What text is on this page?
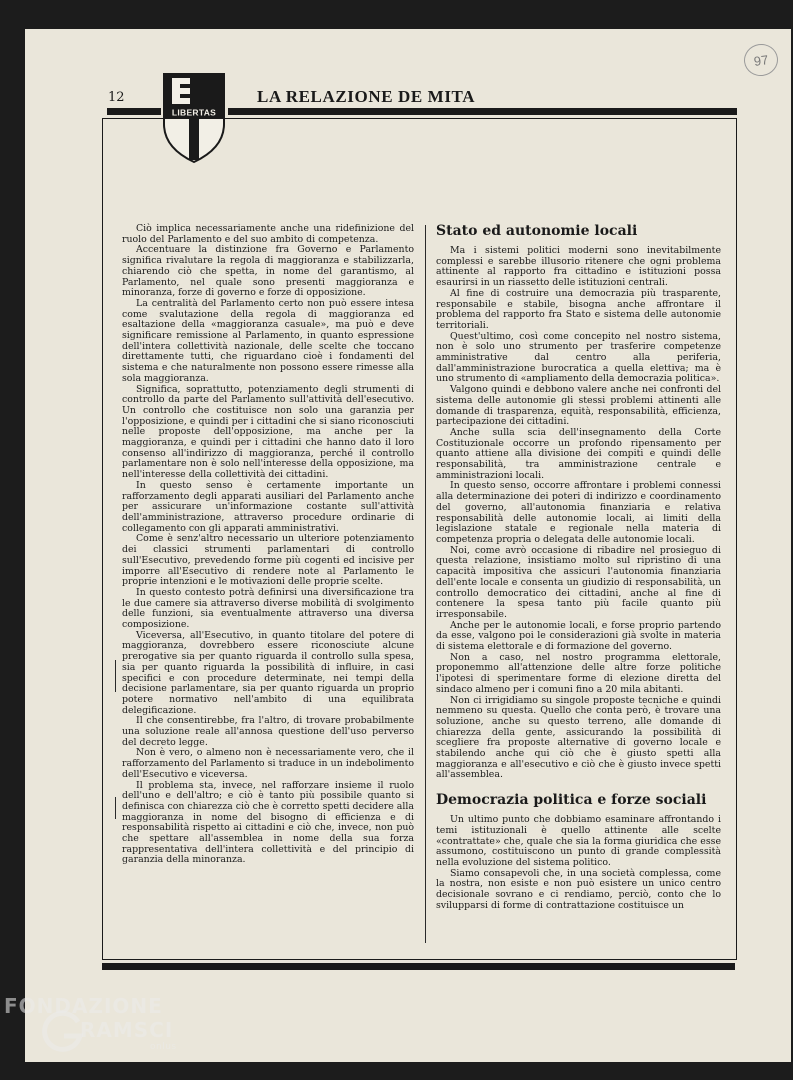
97
12
LIBERTAS
LA RELAZIONE DE MITA

Ciò implica necessariamente anche una ridefinizione del ruolo del Parlamento e del suo ambito di competenza.

Accentuare la distinzione fra Governo e Parlamento significa rivalutare la regola di maggioranza e stabilizzarla, chiarendo ciò che spetta, in nome del garantismo, al Parlamento, nel quale sono presenti maggioranza e minoranza, forze di governo e forze di opposizione.

La centralità del Parlamento certo non può essere intesa come svalutazione della regola di maggioranza ed esaltazione della «maggioranza casuale», ma può e deve significare remissione al Parlamento, in quanto espressione dell'intera collettività nazionale, delle scelte che toccano direttamente tutti, che riguardano cioè i fondamenti del sistema e che naturalmente non possono essere rimesse alla sola maggioranza.

Significa, soprattutto, potenziamento degli strumenti di controllo da parte del Parlamento sull'attività dell'esecutivo. Un controllo che costituisce non solo una garanzia per l'opposizione, e quindi per i cittadini che si siano riconosciuti nelle proposte dell'opposizione, ma anche per la maggioranza, e quindi per i cittadini che hanno dato il loro consenso all'indirizzo di maggioranza, perché il controllo parlamentare non è solo nell'interesse della opposizione, ma nell'interesse della collettività dei cittadini.

In questo senso è certamente importante un rafforzamento degli apparati ausiliari del Parlamento anche per assicurare un'informazione costante sull'attività dell'amministrazione, attraverso procedure ordinarie di collegamento con gli apparati amministrativi.

Come è senz'altro necessario un ulteriore potenziamento dei classici strumenti parlamentari di controllo sull'Esecutivo, prevedendo forme più cogenti ed incisive per imporre all'Esecutivo di rendere note al Parlamento le proprie intenzioni e le motivazioni delle proprie scelte.

In questo contesto potrà definirsi una diversificazione tra le due camere sia attraverso diverse mobilità di svolgimento delle funzioni, sia eventualmente attraverso una diversa composizione.

Viceversa, all'Esecutivo, in quanto titolare del potere di maggioranza, dovrebbero essere riconosciute alcune prerogative sia per quanto riguarda il controllo sulla spesa, sia per quanto riguarda la possibilità di influire, in casi specifici e con procedure determinate, nei tempi della decisione parlamentare, sia per quanto riguarda un proprio potere normativo nell'ambito di una equilibrata delegificazione.

Il che consentirebbe, fra l'altro, di trovare probabilmente una soluzione reale all'annosa questione dell'uso perverso del decreto legge.

Non è vero, o almeno non è necessariamente vero, che il rafforzamento del Parlamento si traduce in un indebolimento dell'Esecutivo e viceversa.

Il problema sta, invece, nel rafforzare insieme il ruolo dell'uno e dell'altro; e ciò è tanto più possibile quanto si definisca con chiarezza ciò che è corretto spetti decidere alla maggioranza in nome del bisogno di efficienza e di responsabilità rispetto ai cittadini e ciò che, invece, non può che spettare all'assemblea in nome della sua forza rappresentativa dell'intera collettività e del principio di garanzia della minoranza.

Stato ed autonomie locali

Ma i sistemi politici moderni sono inevitabilmente complessi e sarebbe illusorio ritenere che ogni problema attinente al rapporto fra cittadino e istituzioni possa esaurirsi in un riassetto delle istituzioni centrali.

Al fine di costruire una democrazia più trasparente, responsabile e stabile, bisogna anche affrontare il problema del rapporto fra Stato e sistema delle autonomie territoriali.

Quest'ultimo, così come concepito nel nostro sistema, non è solo uno strumento per trasferire competenze amministrative dal centro alla periferia, dall'amministrazione burocratica a quella elettiva; ma è uno strumento di «ampliamento della democrazia politica».

Valgono quindi e debbono valere anche nei confronti del sistema delle autonomie gli stessi problemi attinenti alle domande di trasparenza, equità, responsabilità, efficienza, partecipazione dei cittadini.

Anche sulla scia dell'insegnamento della Corte Costituzionale occorre un profondo ripensamento per quanto attiene alla divisione dei compiti e quindi delle responsabilità, tra amministrazione centrale e amministrazioni locali.

In questo senso, occorre affrontare i problemi connessi alla determinazione dei poteri di indirizzo e coordinamento del governo, all'autonomia finanziaria e relativa responsabilità delle autonomie locali, ai limiti della legislazione statale e regionale nella materia di competenza propria o delegata delle autonomie locali.

Noi, come avrò occasione di ribadire nel prosieguo di questa relazione, insistiamo molto sul ripristino di una capacità impositiva che assicuri l'autonomia finanziaria dell'ente locale e consenta un giudizio di responsabilità, un controllo democratico dei cittadini, anche al fine di contenere la spesa tanto più facile quanto più irresponsabile.

Anche per le autonomie locali, e forse proprio partendo da esse, valgono poi le considerazioni già svolte in materia di sistema elettorale e di formazione del governo.

Non a caso, nel nostro programma elettorale, proponemmo all'attenzione delle altre forze politiche l'ipotesi di sperimentare forme di elezione diretta del sindaco almeno per i comuni fino a 20 mila abitanti.

Non ci irrigidiamo su singole proposte tecniche e quindi nemmeno su questa. Quello che conta però, è trovare una soluzione, anche su questo terreno, alle domande di chiarezza della gente, assicurando la possibilità di scegliere fra proposte alternative di governo locale e stabilendo anche qui ciò che è giusto spetti alla maggioranza e all'esecutivo e ciò che è giusto invece spetti all'assemblea.

Democrazia politica e forze sociali

Un ultimo punto che dobbiamo esaminare affrontando i temi istituzionali è quello attinente alle scelte «contrattate» che, quale che sia la forma giuridica che esse assumono, costituiscono un punto di grande complessità nella evoluzione del sistema politico.

Siamo consapevoli che, in una società complessa, come la nostra, non esiste e non può esistere un unico centro decisionale sovrano e ci rendiamo, perciò, conto che lo svilupparsi di forme di contrattazione costituisce un

FONDAZIONE
RAMSCI
onlus
